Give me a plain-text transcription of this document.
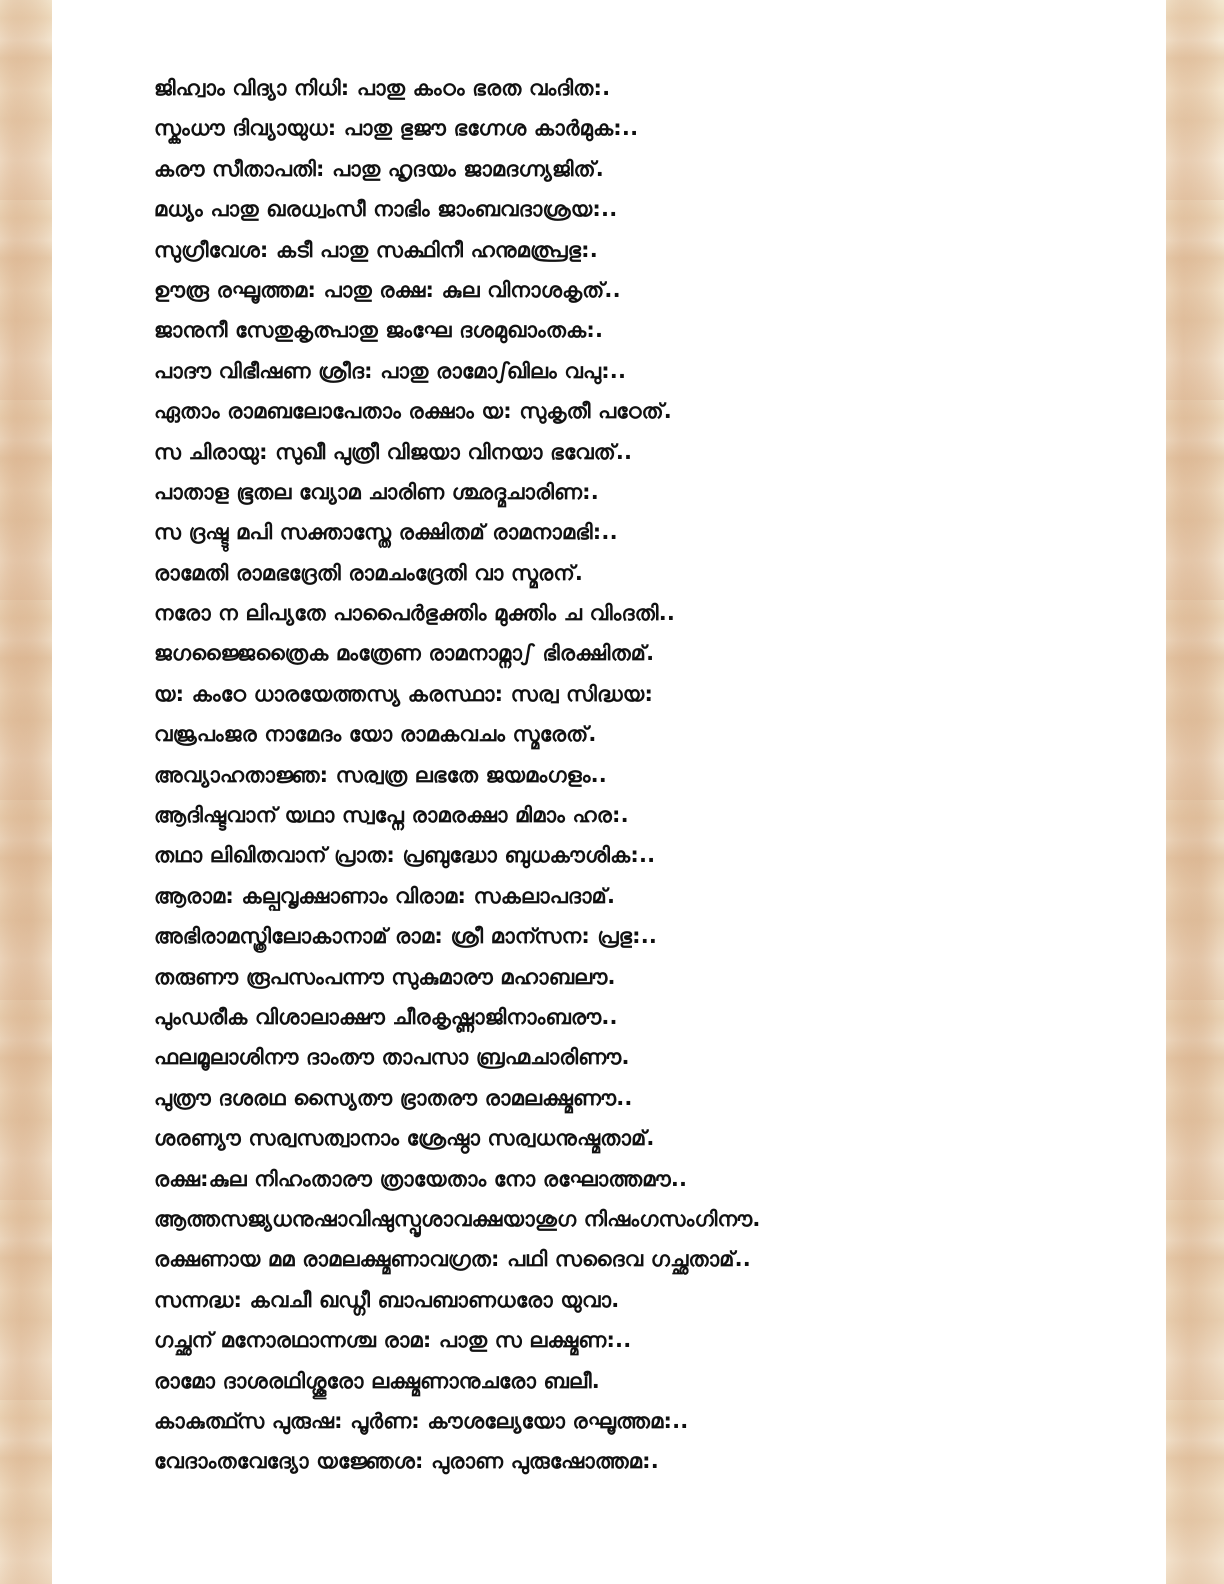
ജിഹ്വാം വിദ്യാ നിധി: പാതു കംഠം ഭരത വംദിത:.
സ്കംധൗ ദിവ്യായുധ: പാതു ഭുജൗ ഭഗ്നേശ കാർമുക:..
കരൗ സീതാപതി: പാതു ഹൃദയം ജാമദഗ്ന്യജിത്.
മധ്യം പാതു ഖരധ്വംസീ നാഭിം ജാംബവദാശ്രയ:..
സുഗ്രീവേശ: കടീ പാതു സക്ഥിനീ ഹനുമത്പ്രഭു:.
ഊരൂ രഘൂത്തമ: പാതു രക്ഷ: കുല വിനാശകൃത്..
ജാനുനീ സേതുകൃത്പാതു ജംഘേ ദശമുഖാംതക:.
പാദൗ വിഭീഷണ ശ്രീദ: പാതു രാമോഽഖിലം വപു:..
ഏതാം രാമബലോപേതാം രക്ഷാം യ: സുകൃതീ പഠേത്.
സ ചിരായു: സുഖീ പുത്രീ വിജയാ വിനയാ ഭവേത്..
പാതാള ഭൂതല വ്യോമ ചാരിണ ശ്ഛദ്മചാരിണ:.
സ ദ്രഷ്ടു മപി സക്താസ്തേ രക്ഷിതമ് രാമനാമഭി:..
രാമേതി രാമഭദ്രേതി രാമചംദ്രേതി വാ സ്മരന്.
നരോ ന ലിപ്യതേ പാപൈർഭുക്തിം മുക്തിം ച വിംദതി..
ജഗജ്ജൈത്രൈക മംത്രേണ രാമനാമ്നാഽ ഭിരക്ഷിതമ്.
യ: കംഠേ ധാരയേത്തസ്യ കരസ്ഥാ: സര്വ സിദ്ധയ:
വജ്രപംജര നാമേദം യോ രാമകവചം സ്മരേത്.
അവ്യാഹതാജ്ഞ: സര്വത്ര ലഭതേ ജയമംഗളം..
ആദിഷ്ടവാന് യഥാ സ്വപ്നേ രാമരക്ഷാ മിമാം ഹര:.
തഥാ ലിഖിതവാന് പ്രാത: പ്രബുദ്ധോ ബുധകൗശിക:..
ആരാമ: കല്പവൃക്ഷാണാം വിരാമ: സകലാപദാമ്.
അഭിരാമസ്ത്രിലോകാനാമ് രാമ: ശ്രീ മാന്സന: പ്രഭു:..
തരുണൗ രൂപസംപന്നൗ സുകുമാരൗ മഹാബലൗ.
പുംഡരീക വിശാലാക്ഷൗ ചീരകൃഷ്ണാജിനാംബരൗ..
ഫലമൂലാശിനൗ ദാംതൗ താപസാ ബ്രഹ്മചാരിണൗ.
പുത്രൗ ദശരഥ സ്യൈതൗ ഭ്രാതരൗ രാമലക്ഷ്മണൗ..
ശരണ്യൗ സര്വസത്വാനാം ശ്രേഷ്ഠാ സര്വധനുഷ്മതാമ്.
രക്ഷ:കുല നിഹംതാരൗ ത്രായേതാം നോ രഘോത്തമൗ..
ആത്തസജ്യധനുഷാവിഷുസ്പൃശാവക്ഷയാശുഗ നിഷംഗസംഗിനൗ.
രക്ഷണായ മമ രാമലക്ഷ്മണാവഗ്രത: പഥി സദൈവ ഗച്ഛതാമ്..
സന്നദ്ധ: കവചീ ഖഡ്ഗീ ബാപബാണധരോ യുവാ.
ഗച്ഛന് മനോരഥാന്നശ്ച രാമ: പാതു സ ലക്ഷ്മണ:..
രാമോ ദാശരഥിശ്ശൂരോ ലക്ഷ്മണാനുചരോ ബലീ.
കാകുത്ഥ്സ പുരുഷ: പൂർണ: കൗശല്യേയോ രഘൂത്തമ:..
വേദാംതവേദ്യോ യജ്ഞേശ: പുരാണ പുരുഷോത്തമ:.
